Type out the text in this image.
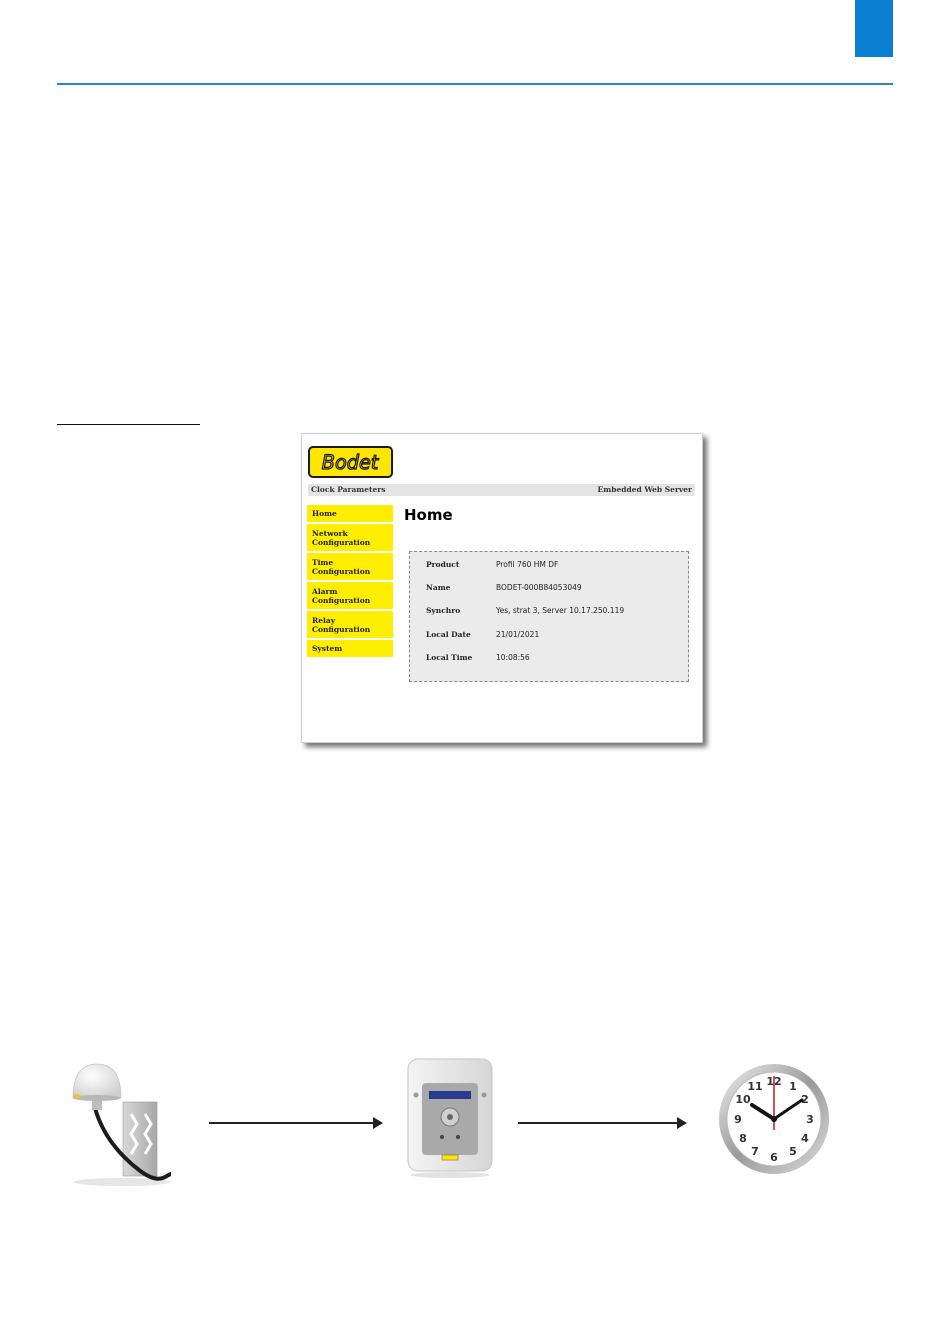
Bodet
Clock Parameters	Embedded Web Server
Home
Network
Configuration
Time
Configuration
Alarm
Configuration
Relay
Configuration
System
Home
Product	Profil 760 HM DF
Name	BODET-000B84053049
Synchro	Yes, strat 3, Server 10.17.250.119
Local Date	21/01/2021
Local Time	10:08:56
12 1
2
3
4
5
6
7
8
9
10
11
